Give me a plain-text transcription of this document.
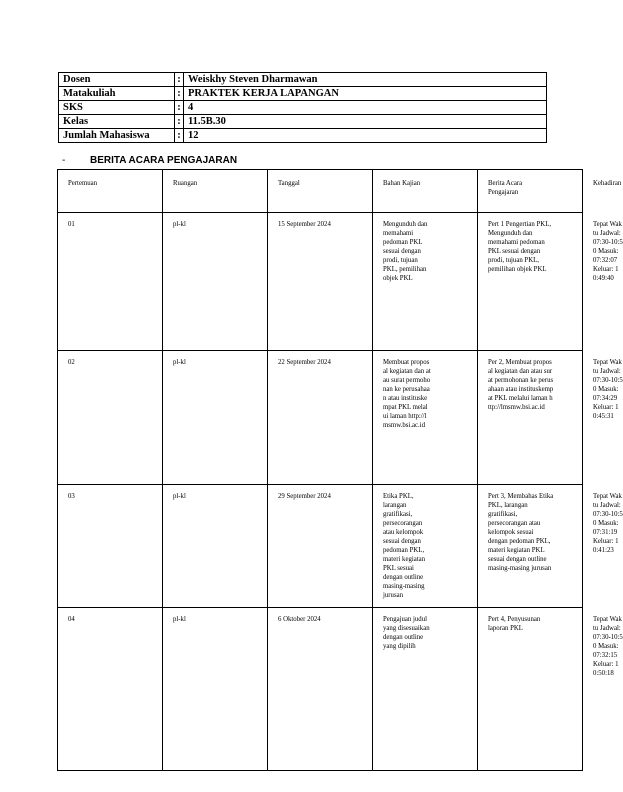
Dosen	:	Weiskhy Steven Dharmawan
Matakuliah	:	PRAKTEK KERJA LAPANGAN
SKS	:	4
Kelas	:	11.5B.30
Jumlah Mahasiswa	:	12
- BERITA ACARA PENGAJARAN
Pertemuan	Ruangan	Tanggal	Bahan Kajian	Berita Acara Pengajaran	Kehadiran
01	pl-kl	15 September 2024	Mengunduh dan memahami pedoman PKL sesuai dengan prodi, tujuan PKL, pemilihan objek PKL	Pert 1 Pengertian PKL, Mengunduh dan memahami pedoman PKL sesuai dengan prodi, tujuan PKL, pemilihan objek PKL	Tepat Waktu Jadwal: 07:30-10:50 Masuk: 07:32:07 Keluar: 10:49:40

02	pl-kl	22 September 2024	Membuat proposal kegiatan dan atau surat permohonan ke perusahaan atau instituskempat PKL melalui laman http://lmsmw.bsi.ac.id	Per 2, Membuat proposal kegiatan dan atau surat permohonan ke perusahaan atau instituskempat PKL melalui laman http://lmsmw.bsi.ac.id	Tepat Waktu Jadwal: 07:30-10:50 Masuk: 07:34:29 Keluar: 10:45:31

03	pl-kl	29 September 2024	Etika PKL, larangan gratifikasi, persecorangan atau kelompok sesuai dengan pedoman PKL, materi kegiatan PKL sesuai dengan outline masing-masing jurusan	Pert 3, Membahas Etika PKL, larangan gratifikasi, persecorangan atau kelompok sesuai dengan pedoman PKL, materi kegiatan PKL sesuai dengan outline masing-masing jurusan	Tepat Waktu Jadwal: 07:30-10:50 Masuk: 07:31:19 Keluar: 10:41:23

04	pl-kl	6 Oktober 2024	Pengajuan judul yang disesuaikan dengan outline yang dipilih	Pert 4, Penyusunan laporan PKL	Tepat Waktu Jadwal: 07:30-10:50 Masuk: 07:32:15 Keluar: 10:50:18
